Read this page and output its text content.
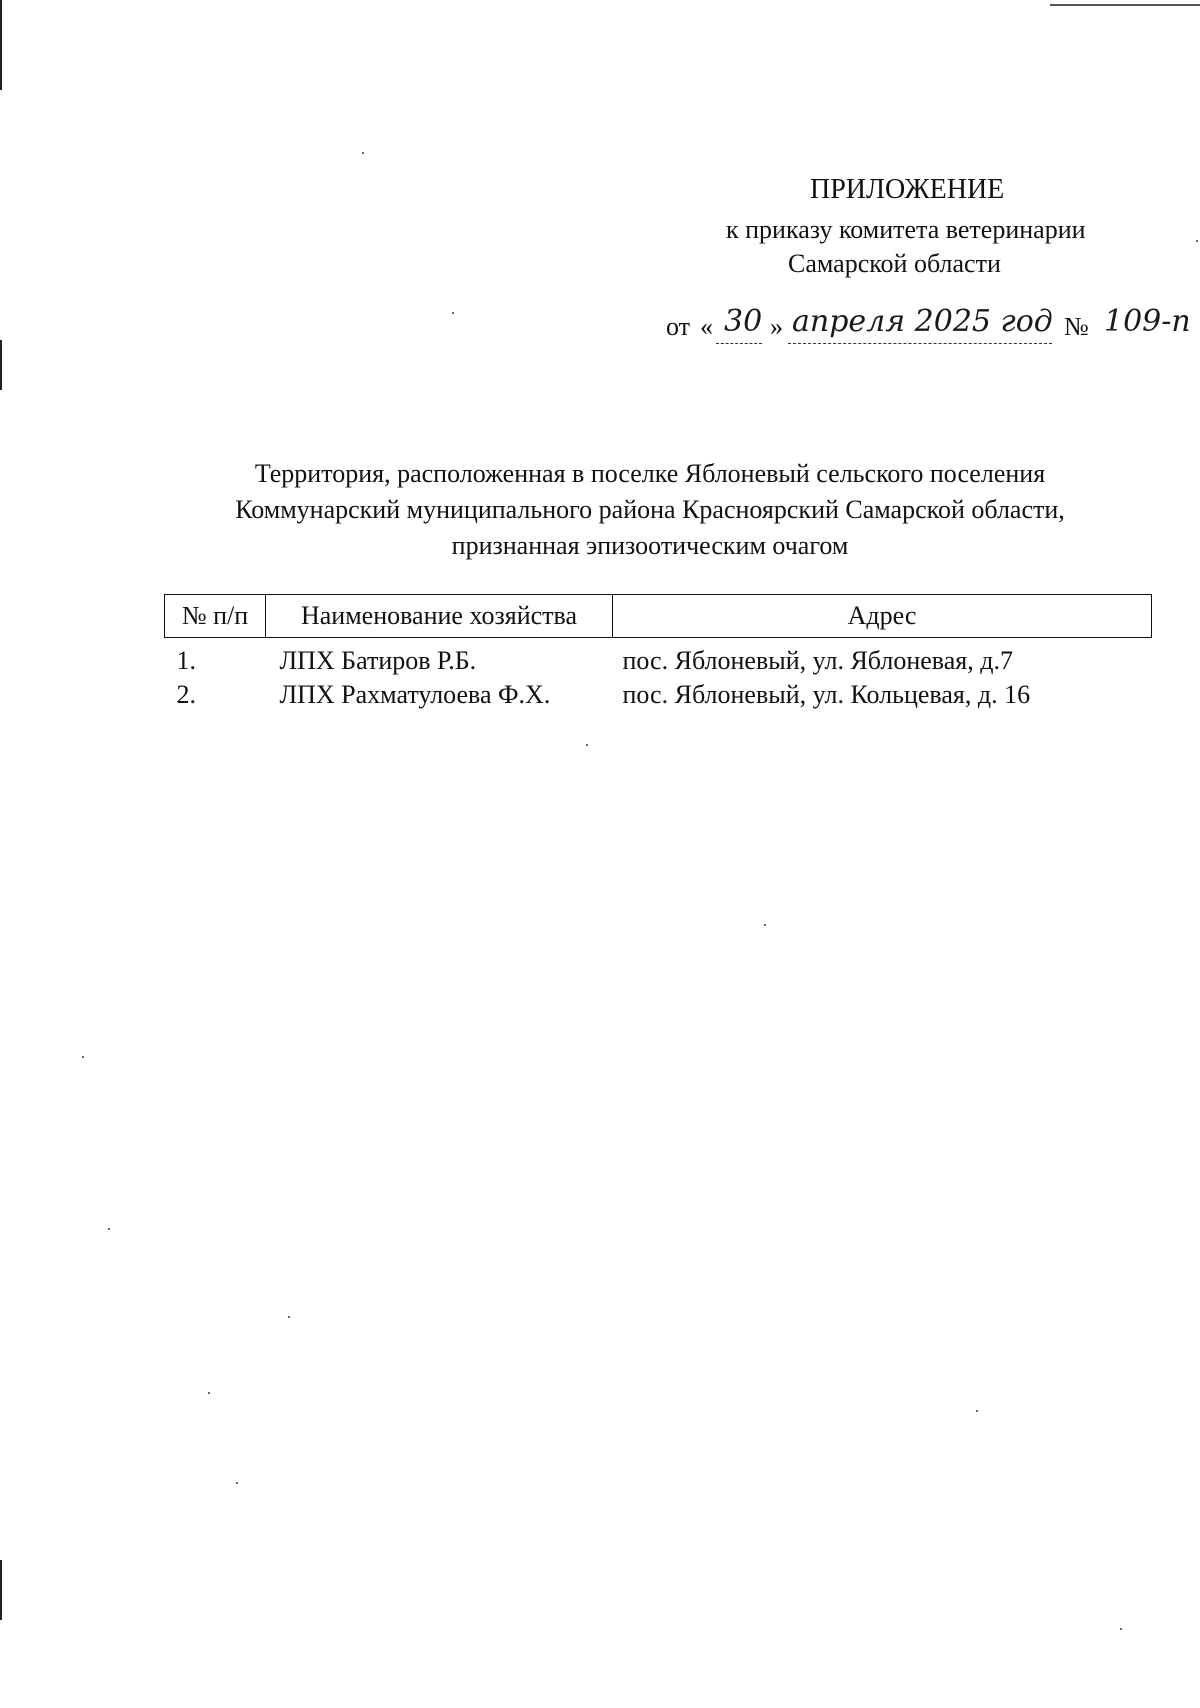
ПРИЛОЖЕНИЕ
к приказу комитета ветеринарии
Самарской области
от « 30 » апреля 2025 год № 109-п
Территория, расположенная в поселке Яблоневый сельского поселения
Коммунарский муниципального района Красноярский Самарской области,
признанная эпизоотическим очагом
№ п/п	Наименование хозяйства	Адрес
1.	ЛПХ Батиров Р.Б.	пос. Яблоневый, ул. Яблоневая, д.7
2.	ЛПХ Рахматулоева Ф.Х.	пос. Яблоневый, ул. Кольцевая, д. 16
